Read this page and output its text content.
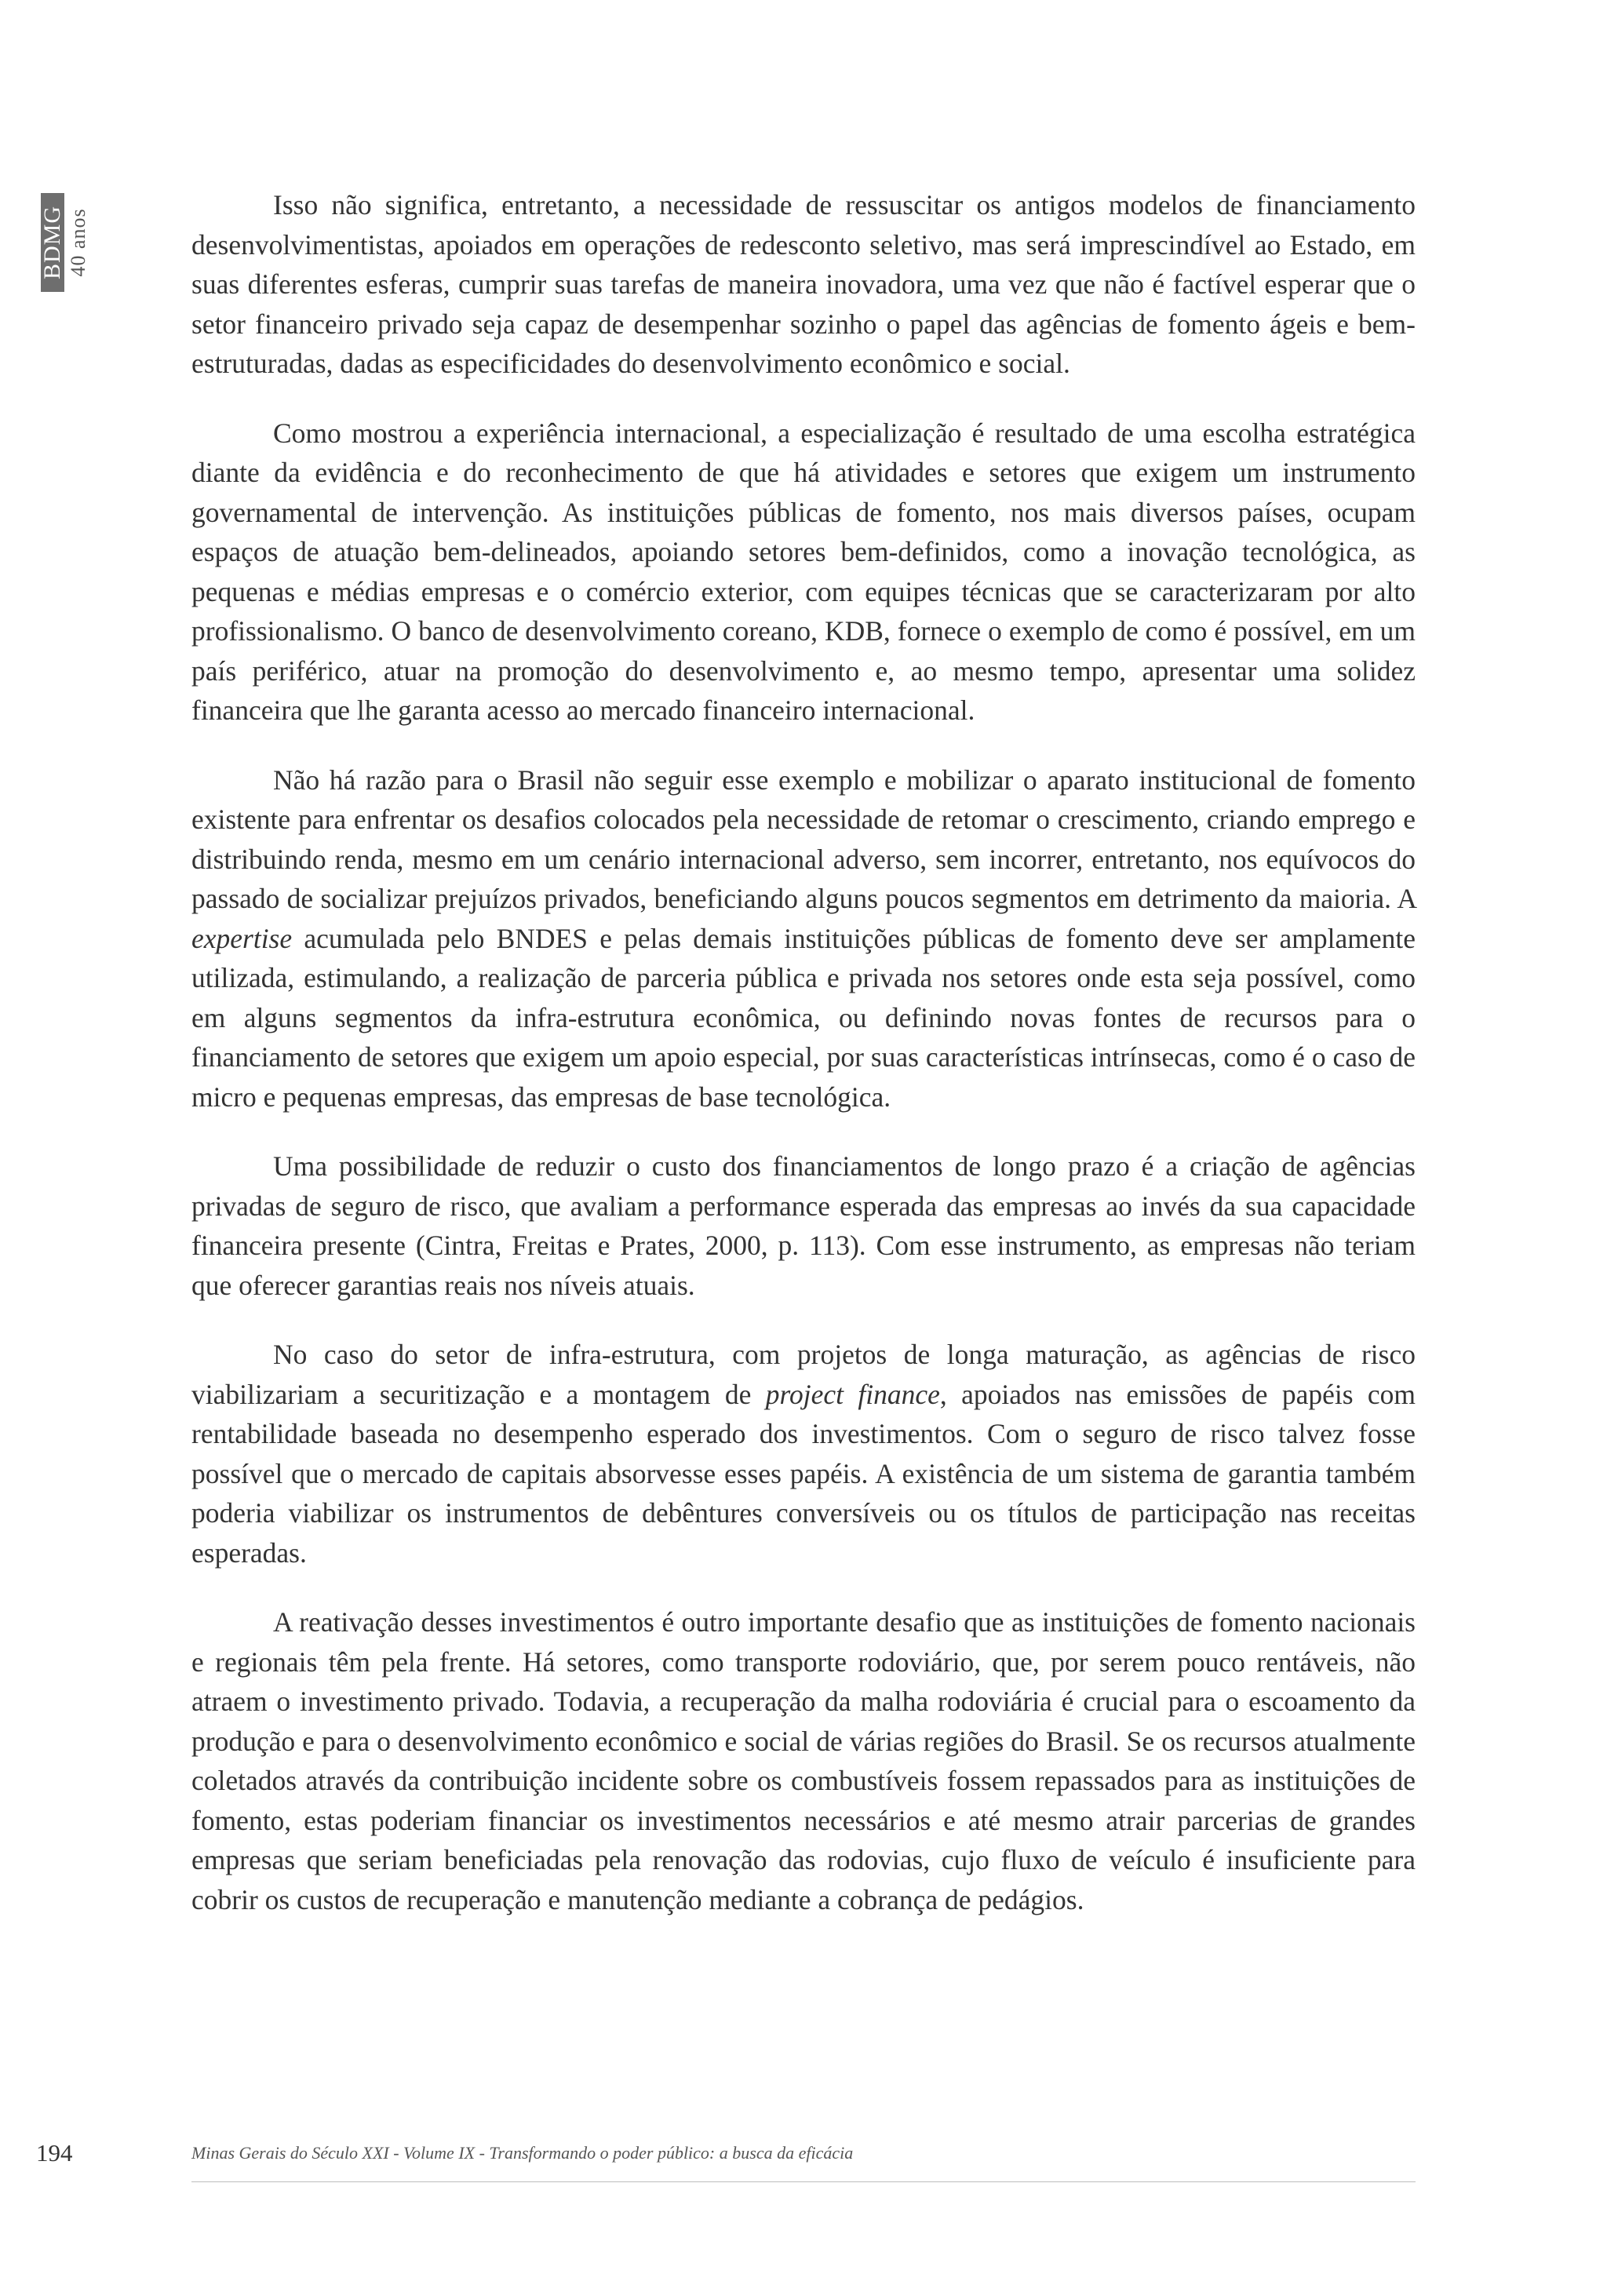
BDMG 40 anos

Isso não significa, entretanto, a necessidade de ressuscitar os antigos modelos de financiamento desenvolvimentistas, apoiados em operações de redesconto seletivo, mas será imprescindível ao Estado, em suas diferentes esferas, cumprir suas tarefas de maneira inovadora, uma vez que não é factível esperar que o setor financeiro privado seja capaz de desempenhar sozinho o papel das agências de fomento ágeis e bem-estruturadas, dadas as especificidades do desenvolvimento econômico e social.

Como mostrou a experiência internacional, a especialização é resultado de uma escolha estratégica diante da evidência e do reconhecimento de que há atividades e setores que exigem um instrumento governamental de intervenção. As instituições públicas de fomento, nos mais diversos países, ocupam espaços de atuação bem-delineados, apoiando setores bem-definidos, como a inovação tecnológica, as pequenas e médias empresas e o comércio exterior, com equipes técnicas que se caracterizaram por alto profissionalismo. O banco de desenvolvimento coreano, KDB, fornece o exemplo de como é possível, em um país periférico, atuar na promoção do desenvolvimento e, ao mesmo tempo, apresentar uma solidez financeira que lhe garanta acesso ao mercado financeiro internacional.

Não há razão para o Brasil não seguir esse exemplo e mobilizar o aparato institucional de fomento existente para enfrentar os desafios colocados pela necessidade de retomar o crescimento, criando emprego e distribuindo renda, mesmo em um cenário internacional adverso, sem incorrer, entretanto, nos equívocos do passado de socializar prejuízos privados, beneficiando alguns poucos segmentos em detrimento da maioria. A expertise acumulada pelo BNDES e pelas demais instituições públicas de fomento deve ser amplamente utilizada, estimulando, a realização de parceria pública e privada nos setores onde esta seja possível, como em alguns segmentos da infra-estrutura econômica, ou definindo novas fontes de recursos para o financiamento de setores que exigem um apoio especial, por suas características intrínsecas, como é o caso de micro e pequenas empresas, das empresas de base tecnológica.

Uma possibilidade de reduzir o custo dos financiamentos de longo prazo é a criação de agências privadas de seguro de risco, que avaliam a performance esperada das empresas ao invés da sua capacidade financeira presente (Cintra, Freitas e Prates, 2000, p. 113). Com esse instrumento, as empresas não teriam que oferecer garantias reais nos níveis atuais.

No caso do setor de infra-estrutura, com projetos de longa maturação, as agências de risco viabilizariam a securitização e a montagem de project finance, apoiados nas emissões de papéis com rentabilidade baseada no desempenho esperado dos investimentos. Com o seguro de risco talvez fosse possível que o mercado de capitais absorvesse esses papéis. A existência de um sistema de garantia também poderia viabilizar os instrumentos de debêntures conversíveis ou os títulos de participação nas receitas esperadas.

A reativação desses investimentos é outro importante desafio que as instituições de fomento nacionais e regionais têm pela frente. Há setores, como transporte rodoviário, que, por serem pouco rentáveis, não atraem o investimento privado. Todavia, a recuperação da malha rodoviária é crucial para o escoamento da produção e para o desenvolvimento econômico e social de várias regiões do Brasil. Se os recursos atualmente coletados através da contribuição incidente sobre os combustíveis fossem repassados para as instituições de fomento, estas poderiam financiar os investimentos necessários e até mesmo atrair parcerias de grandes empresas que seriam beneficiadas pela renovação das rodovias, cujo fluxo de veículo é insuficiente para cobrir os custos de recuperação e manutenção mediante a cobrança de pedágios.

194	Minas Gerais do Século XXI - Volume IX - Transformando o poder público: a busca da eficácia
